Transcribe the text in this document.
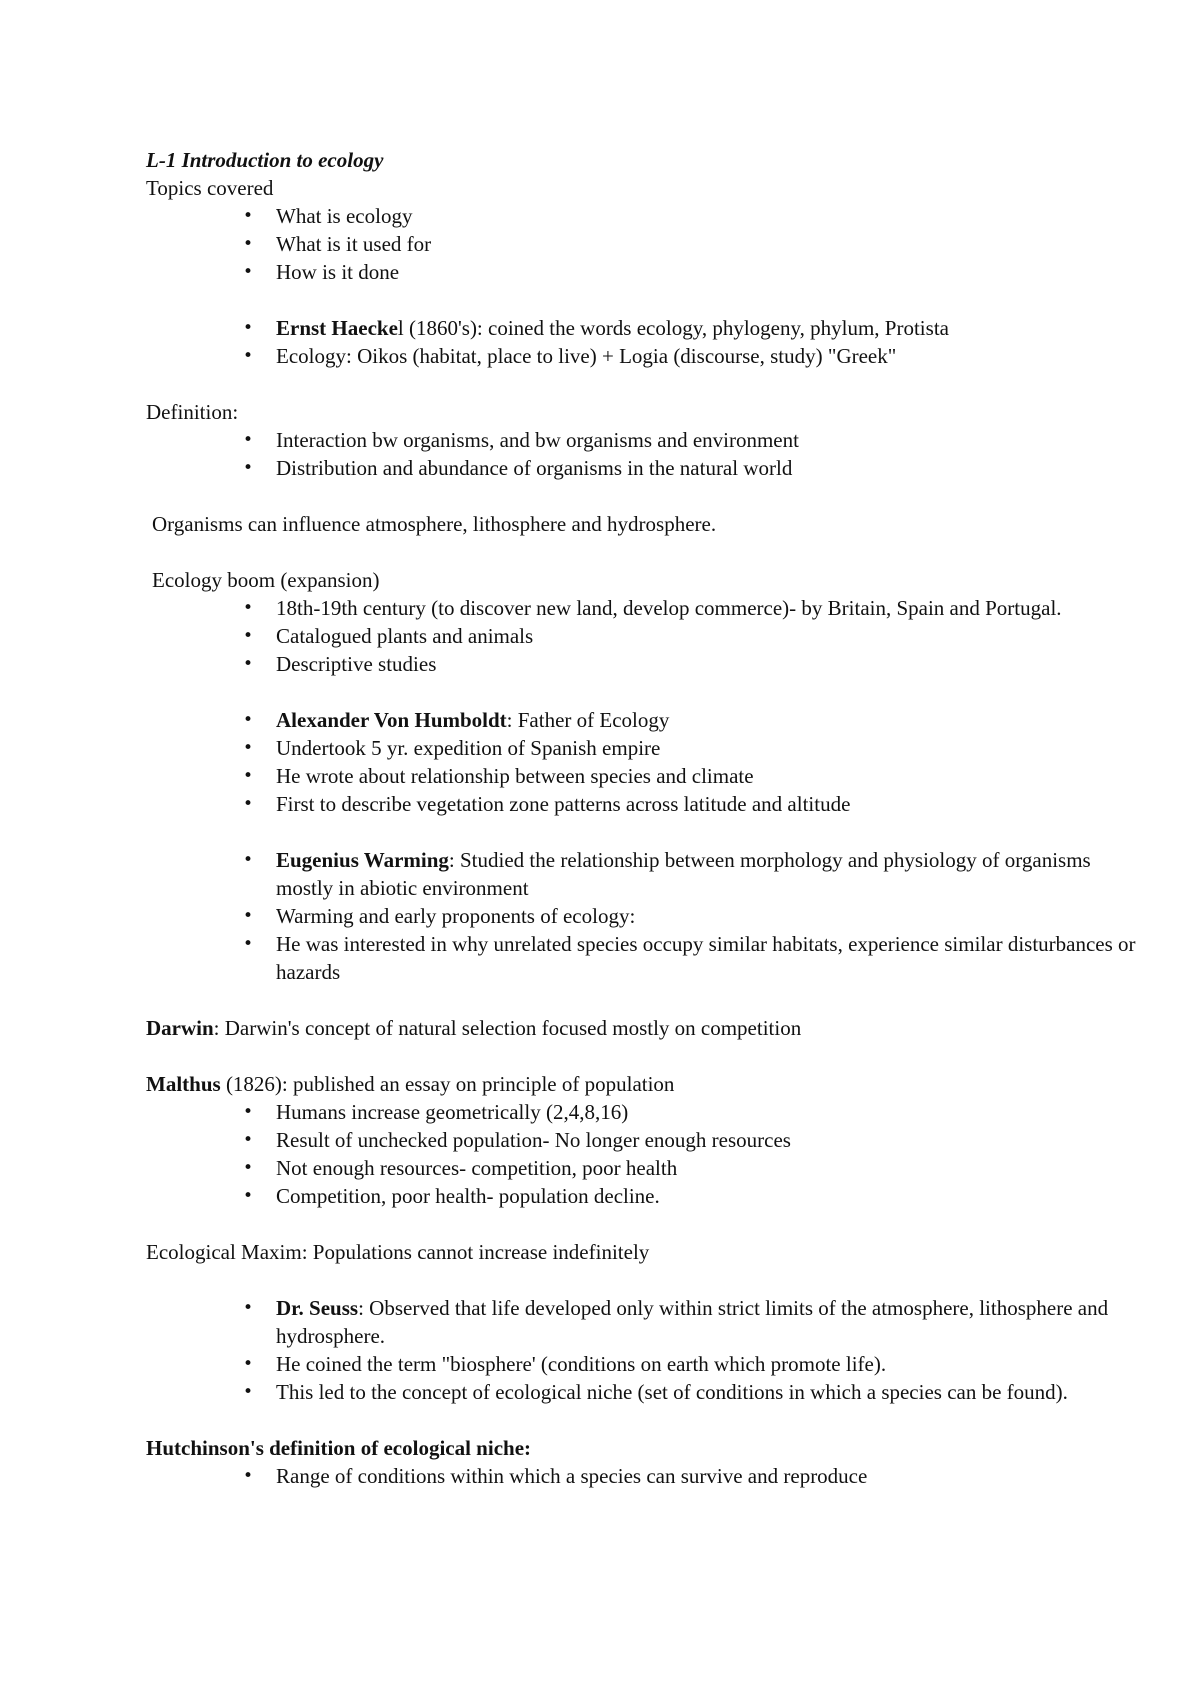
L-1 Introduction to ecology

Topics covered

•	What is ecology
•	What is it used for
•	How is it done
•	Ernst Haeckel (1860's): coined the words ecology, phylogeny, phylum, Protista
•	Ecology: Oikos (habitat, place to live) + Logia (discourse, study) "Greek"

Definition:

•	Interaction bw organisms, and bw organisms and environment
•	Distribution and abundance of organisms in the natural world

Organisms can influence atmosphere, lithosphere and hydrosphere.

Ecology boom (expansion)

•	18th-19th century (to discover new land, develop commerce)- by Britain, Spain and Portugal.
•	Catalogued plants and animals
•	Descriptive studies
•	Alexander Von Humboldt: Father of Ecology
•	Undertook 5 yr. expedition of Spanish empire
•	He wrote about relationship between species and climate
•	First to describe vegetation zone patterns across latitude and altitude
•	Eugenius Warming: Studied the relationship between morphology and physiology of organisms mostly in abiotic environment
•	Warming and early proponents of ecology:
•	He was interested in why unrelated species occupy similar habitats, experience similar disturbances or hazards

Darwin: Darwin's concept of natural selection focused mostly on competition

Malthus (1826): published an essay on principle of population

•	Humans increase geometrically (2,4,8,16)
•	Result of unchecked population- No longer enough resources
•	Not enough resources- competition, poor health
•	Competition, poor health- population decline.

Ecological Maxim: Populations cannot increase indefinitely

•	Dr. Seuss: Observed that life developed only within strict limits of the atmosphere, lithosphere and hydrosphere.
•	He coined the term "biosphere' (conditions on earth which promote life).
•	This led to the concept of ecological niche (set of conditions in which a species can be found).

Hutchinson's definition of ecological niche:

•	Range of conditions within which a species can survive and reproduce
